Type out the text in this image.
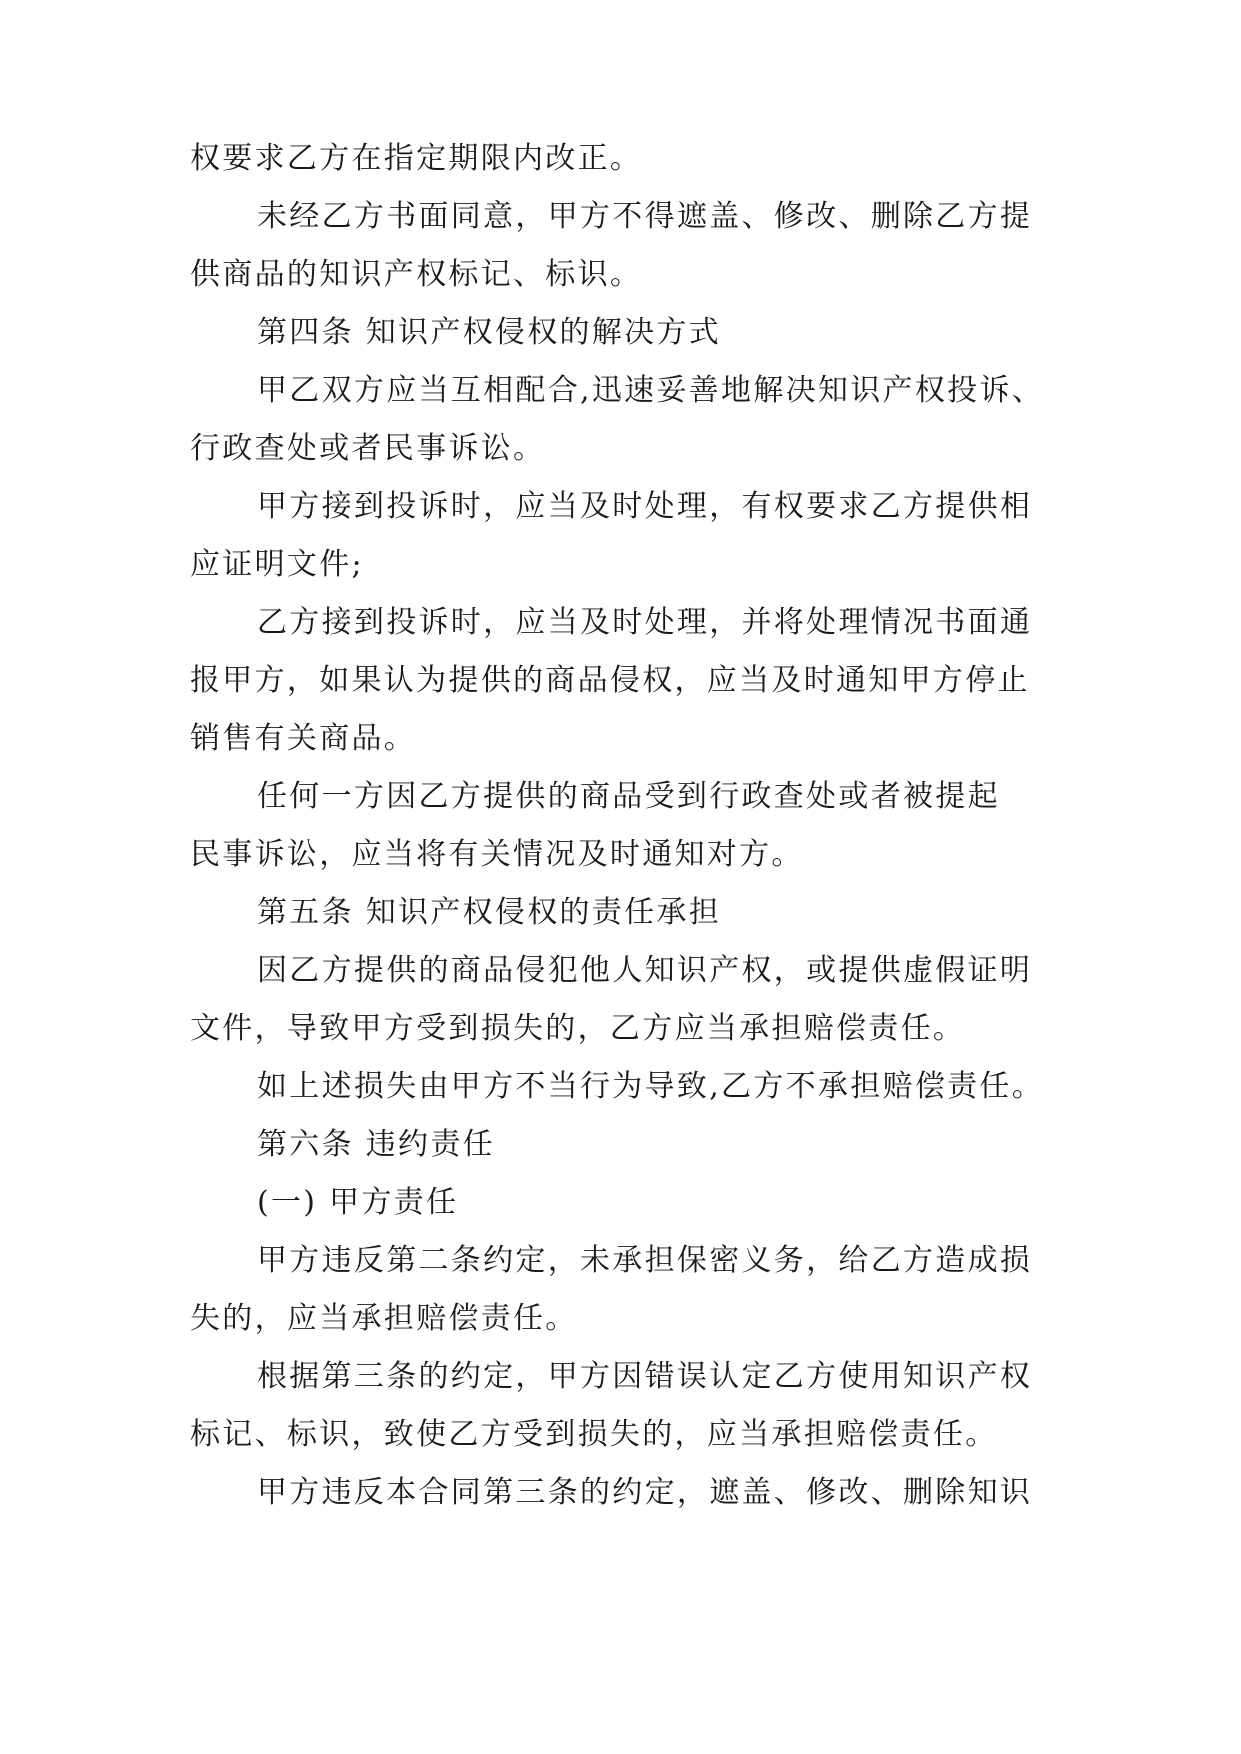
权要求乙方在指定期限内改正。
未经乙方书面同意，甲方不得遮盖、修改、删除乙方提
供商品的知识产权标记、标识。
第四条 知识产权侵权的解决方式
甲乙双方应当互相配合,迅速妥善地解决知识产权投诉、
行政查处或者民事诉讼。
甲方接到投诉时，应当及时处理，有权要求乙方提供相
应证明文件;
乙方接到投诉时，应当及时处理，并将处理情况书面通
报甲方，如果认为提供的商品侵权，应当及时通知甲方停止
销售有关商品。
任何一方因乙方提供的商品受到行政查处或者被提起
民事诉讼，应当将有关情况及时通知对方。
第五条 知识产权侵权的责任承担
因乙方提供的商品侵犯他人知识产权，或提供虚假证明
文件，导致甲方受到损失的，乙方应当承担赔偿责任。
如上述损失由甲方不当行为导致,乙方不承担赔偿责任。
第六条 违约责任
(一) 甲方责任
甲方违反第二条约定，未承担保密义务，给乙方造成损
失的，应当承担赔偿责任。
根据第三条的约定，甲方因错误认定乙方使用知识产权
标记、标识，致使乙方受到损失的，应当承担赔偿责任。
甲方违反本合同第三条的约定，遮盖、修改、删除知识
